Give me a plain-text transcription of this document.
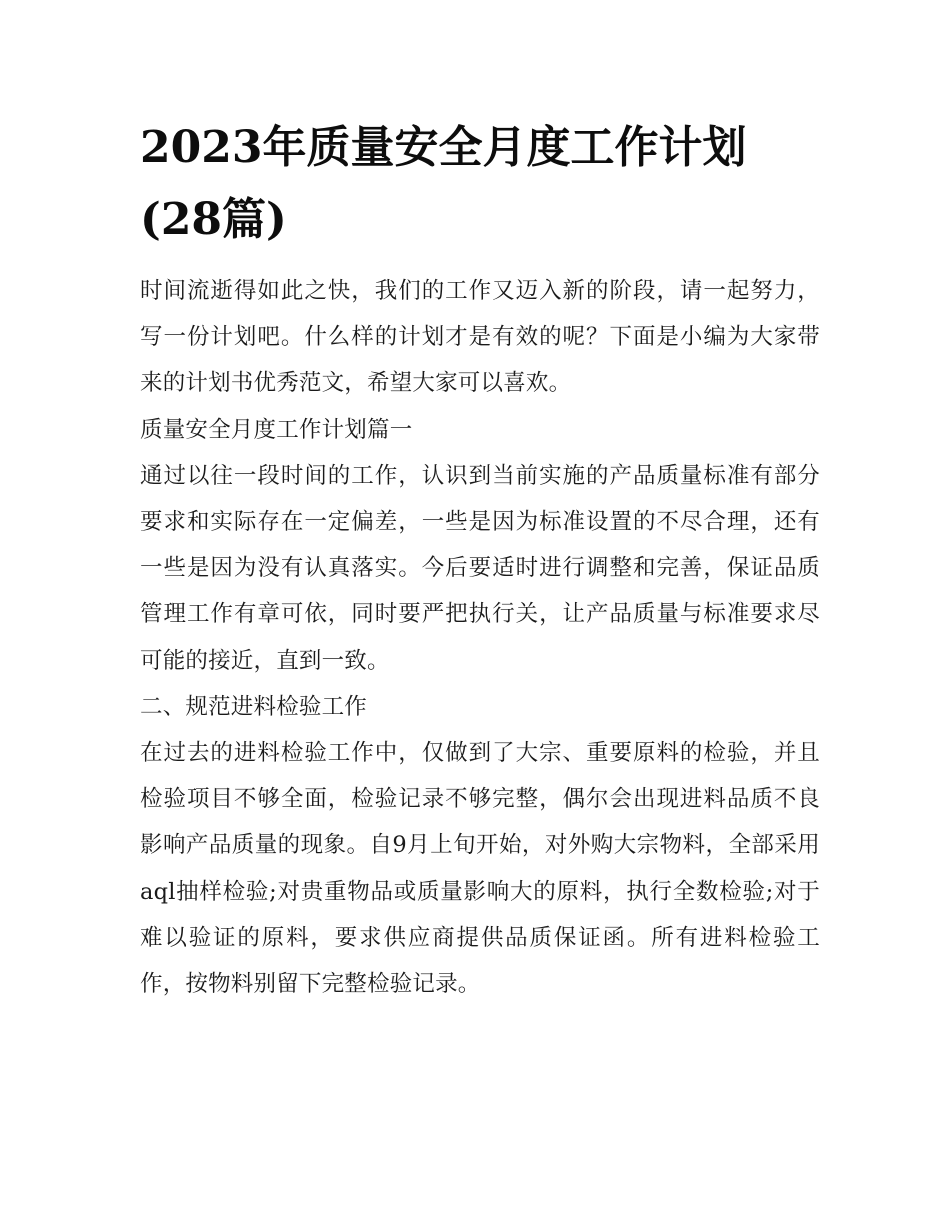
2023年质量安全月度工作计划(28篇)

时间流逝得如此之快，我们的工作又迈入新的阶段，请一起努力，写一份计划吧。什么样的计划才是有效的呢？下面是小编为大家带来的计划书优秀范文，希望大家可以喜欢。

质量安全月度工作计划篇一

通过以往一段时间的工作，认识到当前实施的产品质量标准有部分要求和实际存在一定偏差，一些是因为标准设置的不尽合理，还有一些是因为没有认真落实。今后要适时进行调整和完善，保证品质管理工作有章可依，同时要严把执行关，让产品质量与标准要求尽可能的接近，直到一致。

二、规范进料检验工作

在过去的进料检验工作中，仅做到了大宗、重要原料的检验，并且检验项目不够全面，检验记录不够完整，偶尔会出现进料品质不良影响产品质量的现象。自9月上旬开始，对外购大宗物料，全部采用aql抽样检验;对贵重物品或质量影响大的原料，执行全数检验;对于难以验证的原料，要求供应商提供品质保证函。所有进料检验工作，按物料别留下完整检验记录。
